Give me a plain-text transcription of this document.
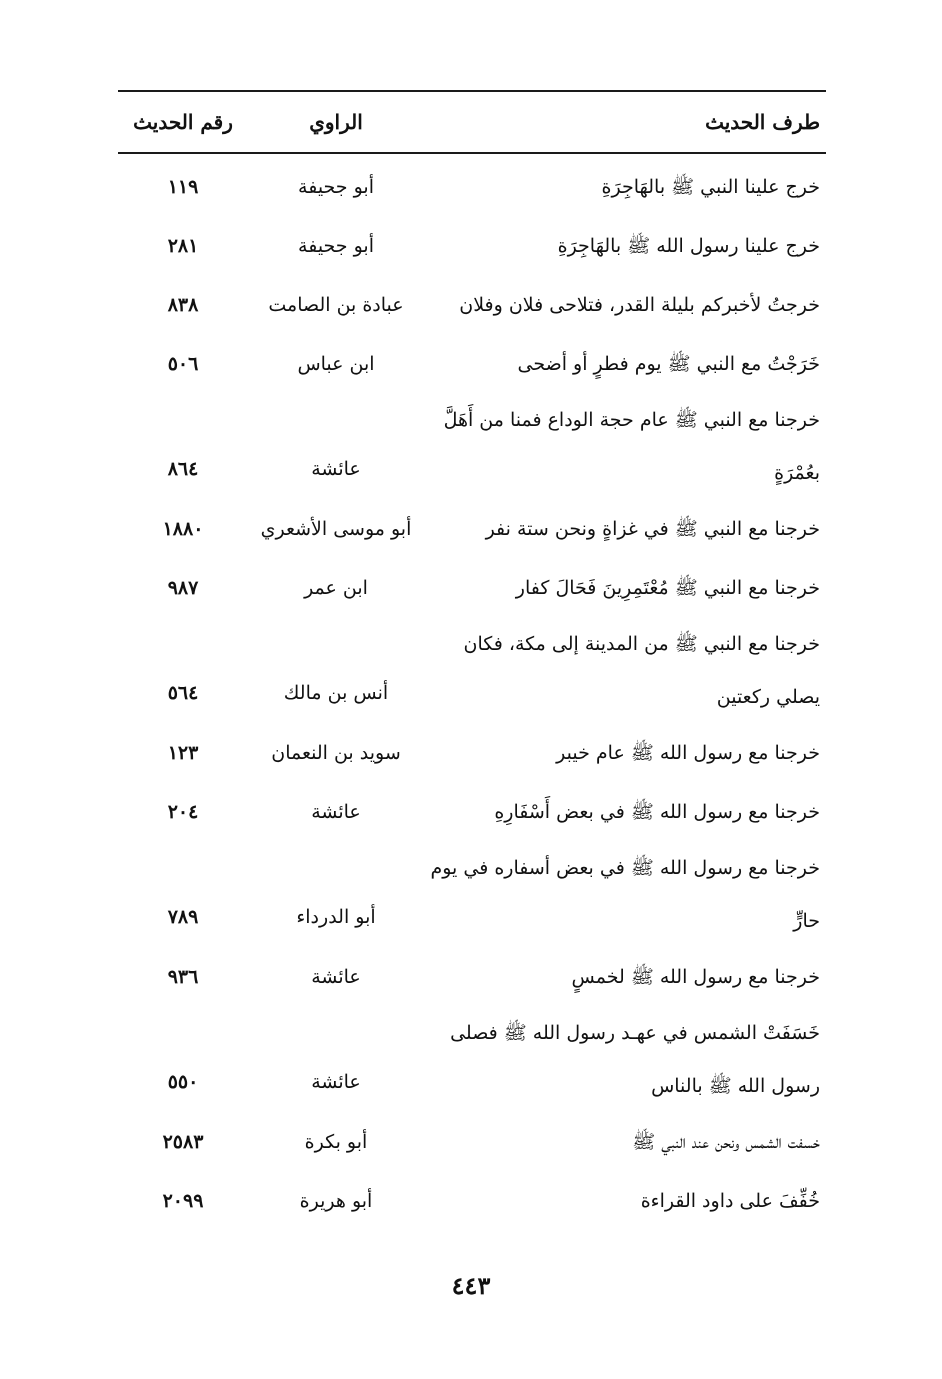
طرف الحديث
الراوي
رقم الحديث
خرج علينا النبي ﷺ بالهَاجِرَةِ
أبو جحيفة
١١٩
خرج علينا رسول الله ﷺ بالهَاجِرَةِ
أبو جحيفة
٢٨١
خرجتُ لأخبركم بليلة القدر، فتلاحى فلان وفلان
عبادة بن الصامت
٨٣٨
خَرَجْتُ مع النبي ﷺ يوم فطرٍ أو أضحى
ابن عباس
٥٠٦
خرجنا مع النبي ﷺ عام حجة الوداع فمنا من أَهَلَّ
بعُمْرَةٍ
عائشة
٨٦٤
خرجنا مع النبي ﷺ في غزاةٍ ونحن ستة نفر
أبو موسى الأشعري
١٨٨٠
خرجنا مع النبي ﷺ مُعْتَمِرِينَ فَحَالَ كفار
ابن عمر
٩٨٧
خرجنا مع النبي ﷺ من المدينة إلى مكة، فكان
يصلي ركعتين
أنس بن مالك
٥٦٤
خرجنا مع رسول الله ﷺ عام خيبر
سويد بن النعمان
١٢٣
خرجنا مع رسول الله ﷺ في بعض أَسْفَارِهِ
عائشة
٢٠٤
خرجنا مع رسول الله ﷺ في بعض أسفاره في يوم
حارٍّ
أبو الدرداء
٧٨٩
خرجنا مع رسول الله ﷺ لخمسٍ
عائشة
٩٣٦
خَسَفَتْ الشمس في عهـد رسول الله ﷺ فصلى
رسول الله ﷺ بالناس
عائشة
٥٥٠
خسفت الشمس ونحن عند النبي ﷺ
أبو بكرة
٢٥٨٣
خُفِّفَ على داود القراءة
أبو هريرة
٢٠٩٩
٤٤٣
